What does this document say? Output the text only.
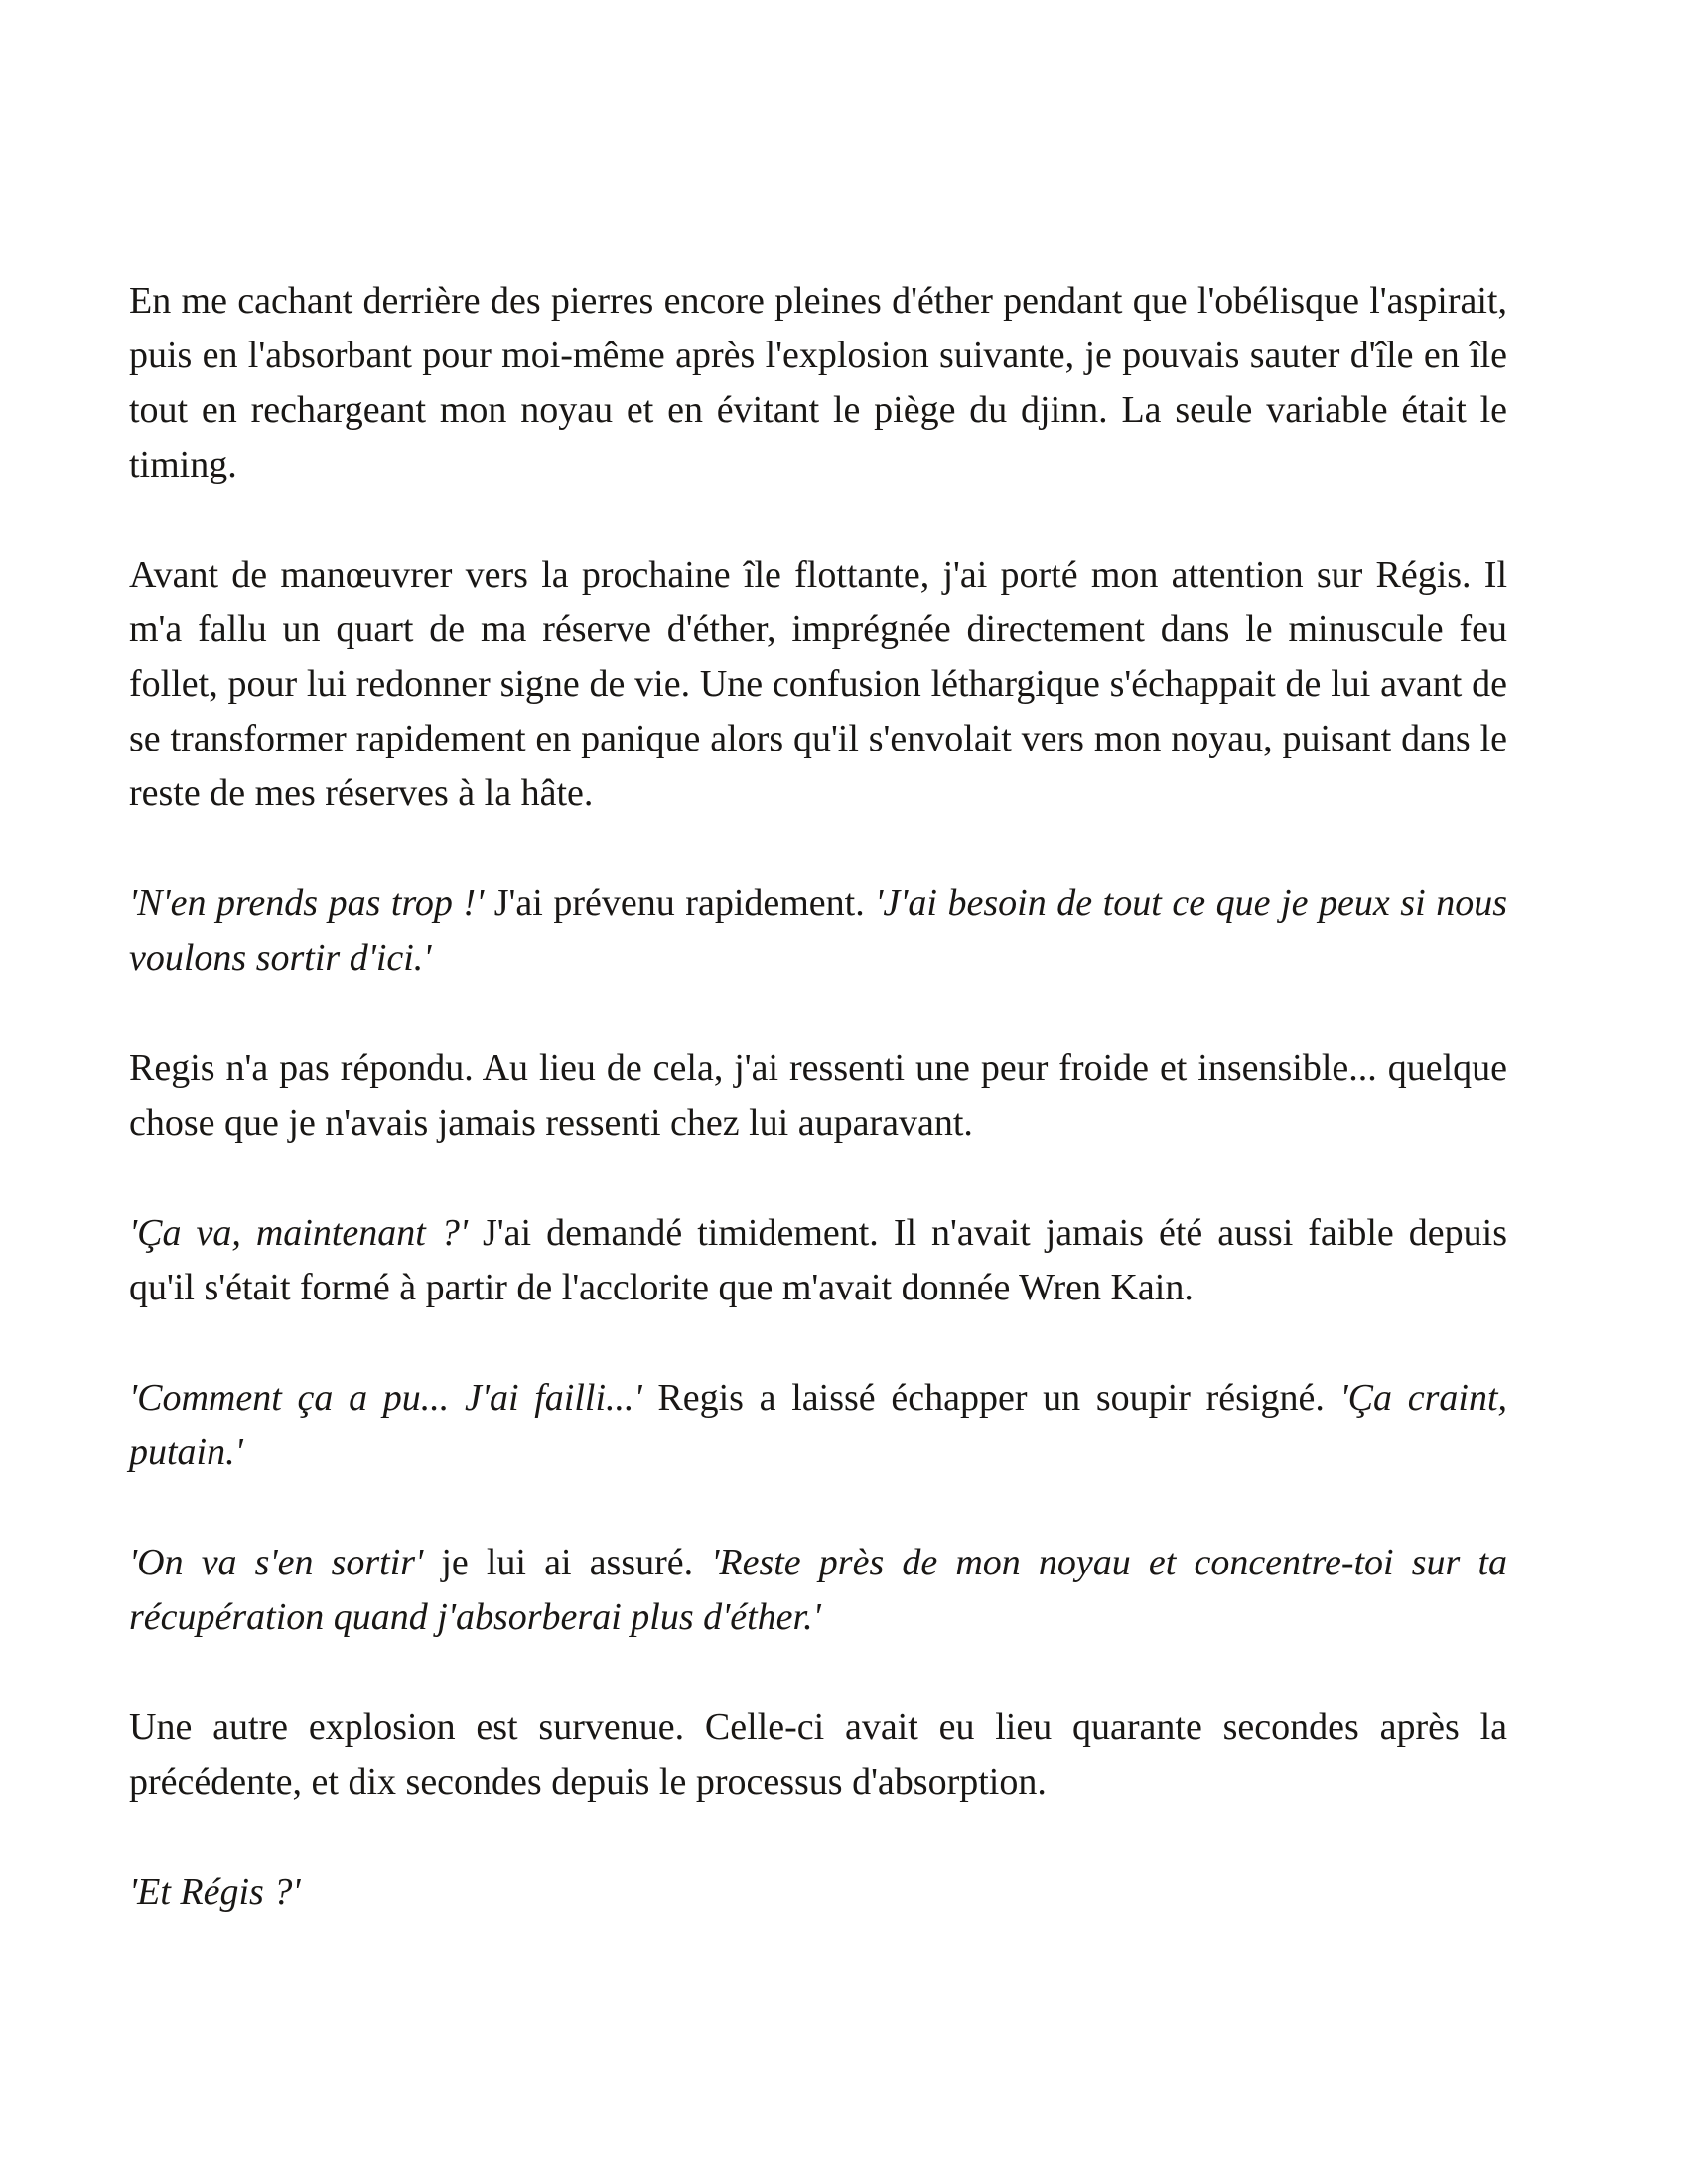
En me cachant derrière des pierres encore pleines d'éther pendant que l'obélisque l'aspirait, puis en l'absorbant pour moi-même après l'explosion suivante, je pouvais sauter d'île en île tout en rechargeant mon noyau et en évitant le piège du djinn. La seule variable était le timing.

Avant de manœuvrer vers la prochaine île flottante, j'ai porté mon attention sur Régis. Il m'a fallu un quart de ma réserve d'éther, imprégnée directement dans le minuscule feu follet, pour lui redonner signe de vie. Une confusion léthargique s'échappait de lui avant de se transformer rapidement en panique alors qu'il s'envolait vers mon noyau, puisant dans le reste de mes réserves à la hâte.

'N'en prends pas trop !' J'ai prévenu rapidement. 'J'ai besoin de tout ce que je peux si nous voulons sortir d'ici.'

Regis n'a pas répondu. Au lieu de cela, j'ai ressenti une peur froide et insensible... quelque chose que je n'avais jamais ressenti chez lui auparavant.

'Ça va, maintenant ?' J'ai demandé timidement. Il n'avait jamais été aussi faible depuis qu'il s'était formé à partir de l'acclorite que m'avait donnée Wren Kain.

'Comment ça a pu... J'ai failli...' Regis a laissé échapper un soupir résigné. 'Ça craint, putain.'

'On va s'en sortir' je lui ai assuré. 'Reste près de mon noyau et concentre-toi sur ta récupération quand j'absorberai plus d'éther.'

Une autre explosion est survenue. Celle-ci avait eu lieu quarante secondes après la précédente, et dix secondes depuis le processus d'absorption.

'Et Régis ?'
